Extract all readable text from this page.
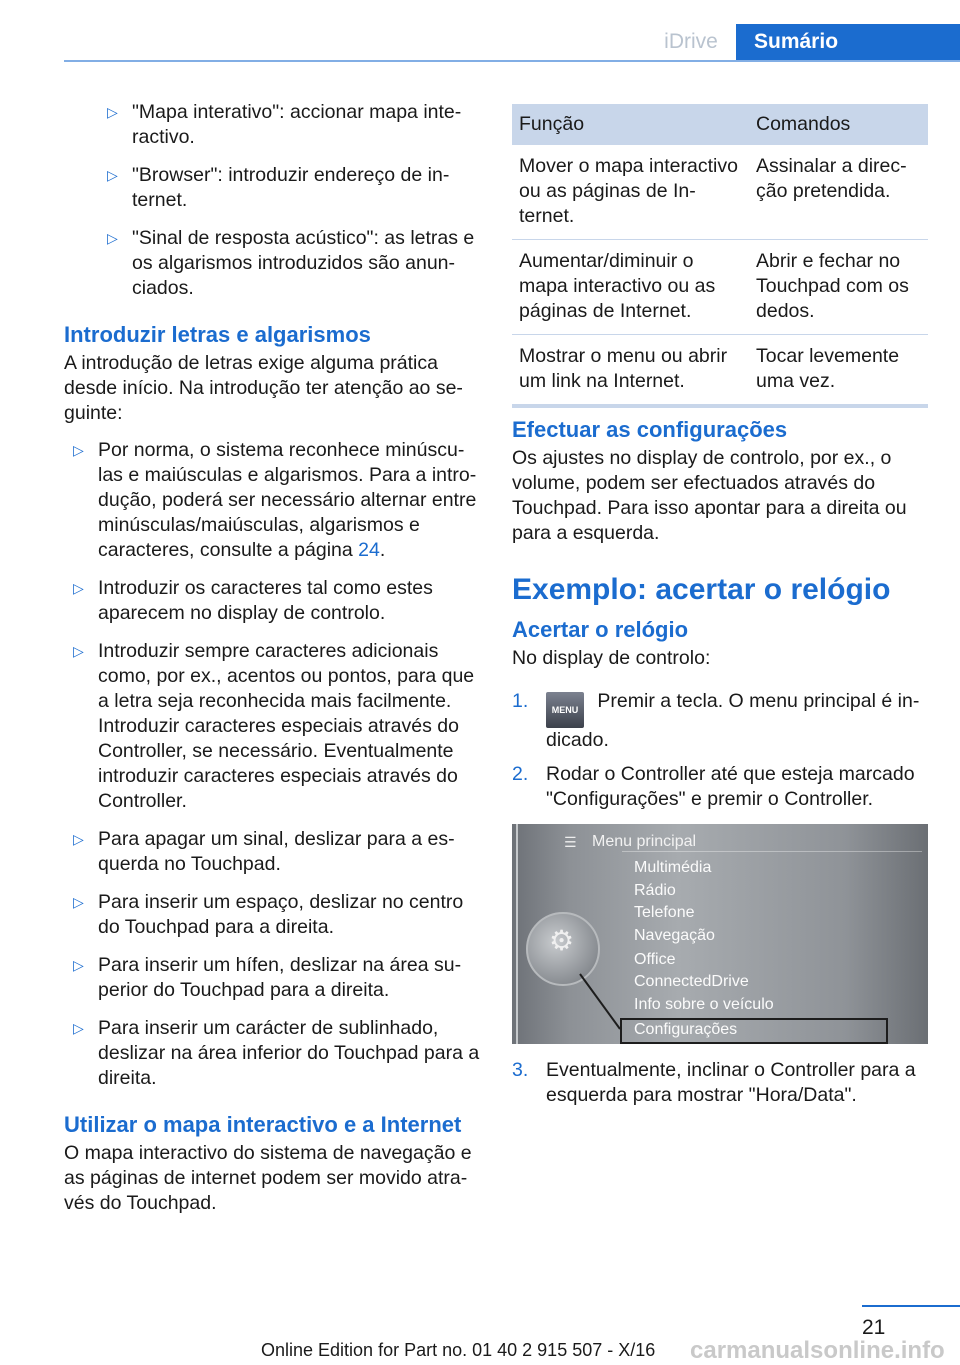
iDrive	Sumário
▷ "Mapa interativo": accionar mapa interactivo.
▷ "Browser": introduzir endereço de internet.
▷ "Sinal de resposta acústico": as letras e os algarismos introduzidos são anunciados.
Introduzir letras e algarismos

A introdução de letras exige alguma prática desde início. Na introdução ter atenção ao seguinte:

▷ Por norma, o sistema reconhece minúsculas e maiúsculas e algarismos. Para a introdução, poderá ser necessário alternar entre minúsculas/maiúsculas, algarismos e caracteres, consulte a página 24.
▷ Introduzir os caracteres tal como estes aparecem no display de controlo.
▷ Introduzir sempre caracteres adicionais como, por ex., acentos ou pontos, para que a letra seja reconhecida mais facilmente. Introduzir caracteres especiais através do Controller, se necessário. Eventualmente introduzir caracteres especiais através do Controller.
▷ Para apagar um sinal, deslizar para a esquerda no Touchpad.
▷ Para inserir um espaço, deslizar no centro do Touchpad para a direita.
▷ Para inserir um hífen, deslizar na área superior do Touchpad para a direita.
▷ Para inserir um carácter de sublinhado, deslizar na área inferior do Touchpad para a direita.
Utilizar o mapa interactivo e a Internet

O mapa interactivo do sistema de navegação e as páginas de internet podem ser movido através do Touchpad.

Função	Comandos
Mover o mapa interactivo ou as páginas de Internet.	Assinalar a direcção pretendida.
Aumentar/diminuir o mapa interactivo ou as páginas de Internet.	Abrir e fechar no Touchpad com os dedos.
Mostrar o menu ou abrir um link na Internet.	Tocar levemente uma vez.
Efectuar as configurações

Os ajustes no display de controlo, por ex., o volume, podem ser efectuados através do Touchpad. Para isso apontar para a direita ou para a esquerda.

Exemplo: acertar o relógio
Acertar o relógio

No display de controlo:

1.	MENU Premir a tecla. O menu principal é indicado.
2. Rodar o Controller até que esteja marcado "Configurações" e premir o Controller.
☰ Menu principal
Multimédia
Rádio
Telefone
Navegação
Office
ConnectedDrive
Info sobre o veículo
Configurações
⚙
3. Eventualmente, inclinar o Controller para a esquerda para mostrar "Hora/Data".
21
Online Edition for Part no. 01 40 2 915 507 - X/16 carmanualsonline.info
